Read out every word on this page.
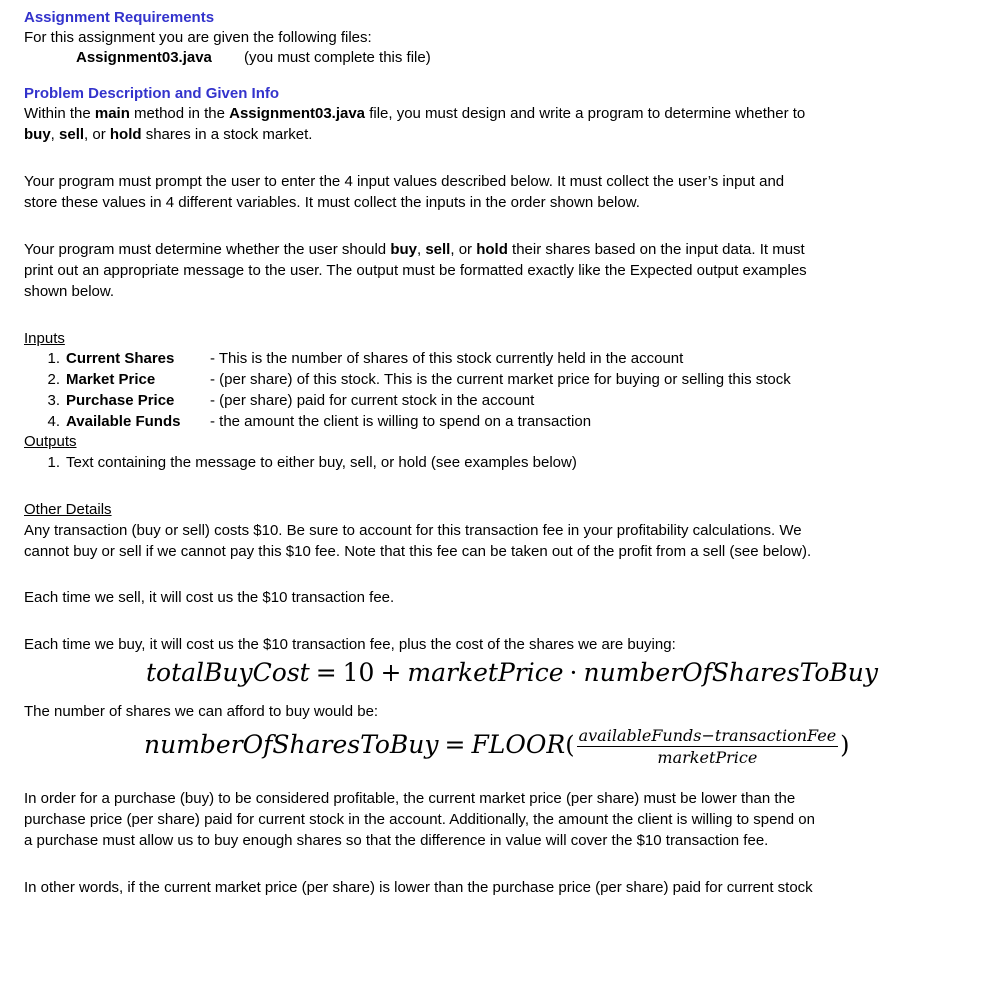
Assignment Requirements
For this assignment you are given the following files:
Assignment03.java (you must complete this file)
Problem Description and Given Info
Within the main method in the Assignment03.java file, you must design and write a program to determine whether to
buy, sell, or hold shares in a stock market.
Your program must prompt the user to enter the 4 input values described below. It must collect the user’s input and
store these values in 4 different variables. It must collect the inputs in the order shown below.
Your program must determine whether the user should buy, sell, or hold their shares based on the input data. It must
print out an appropriate message to the user. The output must be formatted exactly like the Expected output examples
shown below.
Inputs
1. Current Shares - This is the number of shares of this stock currently held in the account
2. Market Price	- (per share) of this stock. This is the current market price for buying or selling this stock
3. Purchase Price - (per share) paid for current stock in the account
4. Available Funds - the amount the client is willing to spend on a transaction
Outputs
1. Text containing the message to either buy, sell, or hold (see examples below)
Other Details
Any transaction (buy or sell) costs $10. Be sure to account for this transaction fee in your profitability calculations. We
cannot buy or sell if we cannot pay this $10 fee. Note that this fee can be taken out of the profit from a sell (see below).
Each time we sell, it will cost us the $10 transaction fee.
Each time we buy, it will cost us the $10 transaction fee, plus the cost of the shares we are buying:
totalBuyCost = 10 + marketPrice · numberOfSharesToBuy
The number of shares we can afford to buy would be:
numberOfSharesToBuy = FLOOR( $\frac{\text{availableFunds−transactionFee}}{\text{marketPrice}}$ )
In order for a purchase (buy) to be considered profitable, the current market price (per share) must be lower than the
purchase price (per share) paid for current stock in the account. Additionally, the amount the client is willing to spend on
a purchase must allow us to buy enough shares so that the difference in value will cover the $10 transaction fee.
In other words, if the current market price (per share) is lower than the purchase price (per share) paid for current stock
